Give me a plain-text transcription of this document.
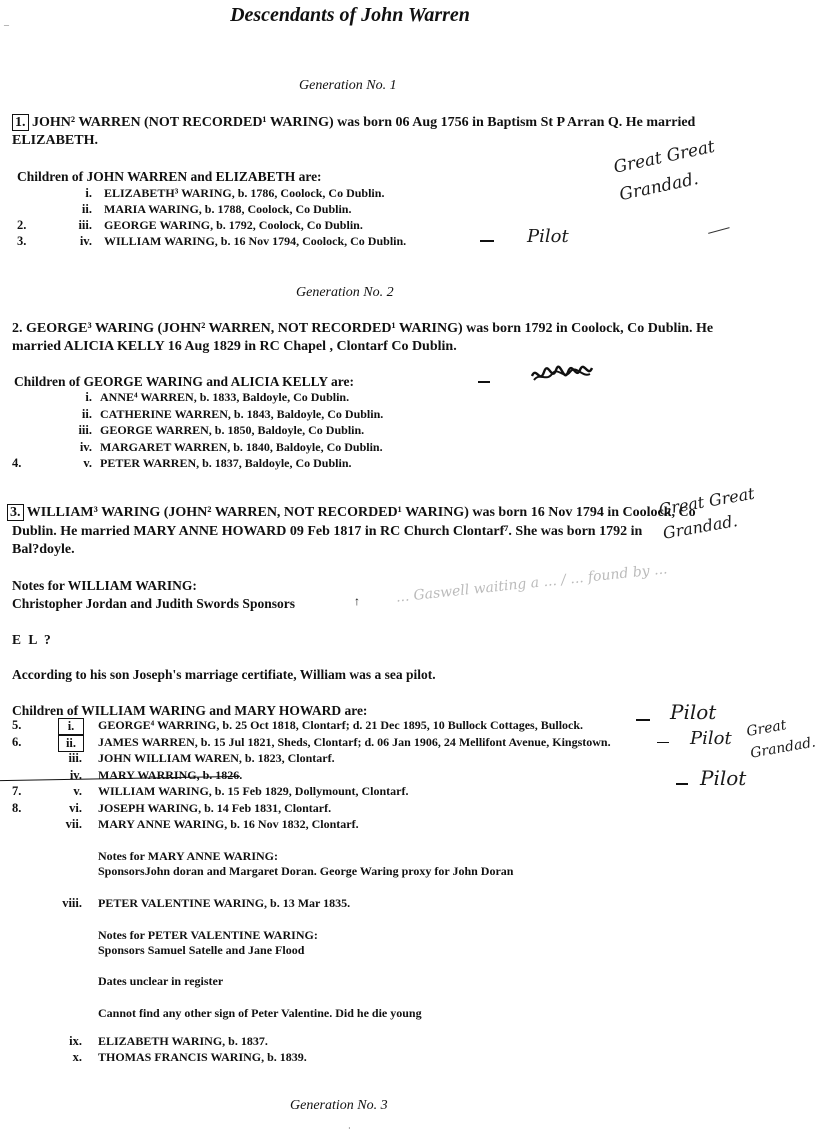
Descendants of John Warren
–
Generation No. 1
1. JOHN² WARREN (NOT RECORDED¹ WARING) was born 06 Aug 1756 in Baptism St P Arran Q. He married
ELIZABETH.
Children of JOHN WARREN and ELIZABETH are:
i. ELIZABETH³ WARING, b. 1786, Coolock, Co Dublin.
ii. MARIA WARING, b. 1788, Coolock, Co Dublin.
2.	iii. GEORGE WARING, b. 1792, Coolock, Co Dublin.
3.	iv. WILLIAM WARING, b. 16 Nov 1794, Coolock, Co Dublin.
Generation No. 2
2. GEORGE³ WARING (JOHN² WARREN, NOT RECORDED¹ WARING) was born 1792 in Coolock, Co Dublin. He
married ALICIA KELLY 16 Aug 1829 in RC Chapel , Clontarf Co Dublin.
Children of GEORGE WARING and ALICIA KELLY are:
i. ANNE⁴ WARREN, b. 1833, Baldoyle, Co Dublin.
ii. CATHERINE WARREN, b. 1843, Baldoyle, Co Dublin.
iii. GEORGE WARREN, b. 1850, Baldoyle, Co Dublin.
iv. MARGARET WARREN, b. 1840, Baldoyle, Co Dublin.
4.	v. PETER WARREN, b. 1837, Baldoyle, Co Dublin.
3. WILLIAM³ WARING (JOHN² WARREN, NOT RECORDED¹ WARING) was born 16 Nov 1794 in Coolock, Co
Dublin. He married MARY ANNE HOWARD 09 Feb 1817 in RC Church Clontarf⁷. She was born 1792 in
Bal?doyle.
Notes for WILLIAM WARING:
Christopher Jordan and Judith Swords Sponsors
E L ?
According to his son Joseph's marriage certifiate, William was a sea pilot.
Children of WILLIAM WARING and MARY HOWARD are:
5.	i.	GEORGE⁴ WARRING, b. 25 Oct 1818, Clontarf; d. 21 Dec 1895, 10 Bullock Cottages, Bullock.
6.	ii.	JAMES WARREN, b. 15 Jul 1821, Sheds, Clontarf; d. 06 Jan 1906, 24 Mellifont Avenue, Kingstown.
iii. JOHN WILLIAM WAREN, b. 1823, Clontarf.
iv. MARY WARRING, b. 1826.
7.	v. WILLIAM WARING, b. 15 Feb 1829, Dollymount, Clontarf.
8.	vi. JOSEPH WARING, b. 14 Feb 1831, Clontarf.
vii. MARY ANNE WARING, b. 16 Nov 1832, Clontarf.
Notes for MARY ANNE WARING:
SponsorsJohn doran and Margaret Doran. George Waring proxy for John Doran
viii. PETER VALENTINE WARING, b. 13 Mar 1835.
Notes for PETER VALENTINE WARING:
Sponsors Samuel Satelle and Jane Flood
Dates unclear in register
Cannot find any other sign of Peter Valentine. Did he die young
ix. ELIZABETH WARING, b. 1837.
x. THOMAS FRANCIS WARING, b. 1839.
Generation No. 3
·
Great Great Grandad.
Pilot
Great Great Grandad.
↑	... Gaswell waiting a ... / ... found by ...
Pilot
Pilot Great Grandad.
Pilot
